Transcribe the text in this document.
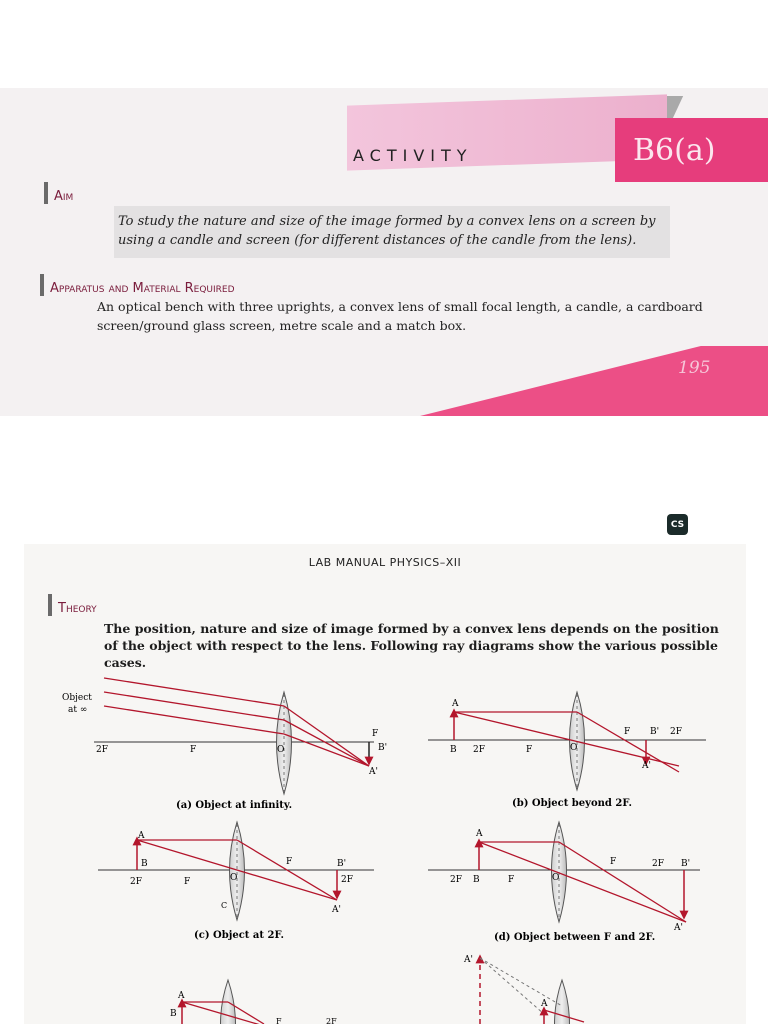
ACTIVITY	B6(a)
Aim
To study the nature and size of the image formed by a convex lens on a screen by using a candle and screen (for different distances of the candle from the lens).
Apparatus and Material Required
An optical bench with three uprights, a convex lens of small focal length, a candle, a cardboard screen/ground glass screen, metre scale and a match box.
195
CS
LAB MANUAL PHYSICS–XII
Theory
The position, nature and size of image formed by a convex lens depends on the position of the object with respect to the lens. Following ray diagrams show the various possible cases.
Object
at ∞
2F	F	O
F
B'
A'
(a) Object at infinity.
A
B 2F	F	O
F B' 2F
A'
(b) Object beyond 2F.
A
B
2F	F	O
C
F	B'
2F
A'
(c) Object at 2F.
A
2F B	F	O
F	2F B'
A'
(d) Object between F and 2F.
A
B
F	2F
A'
A
